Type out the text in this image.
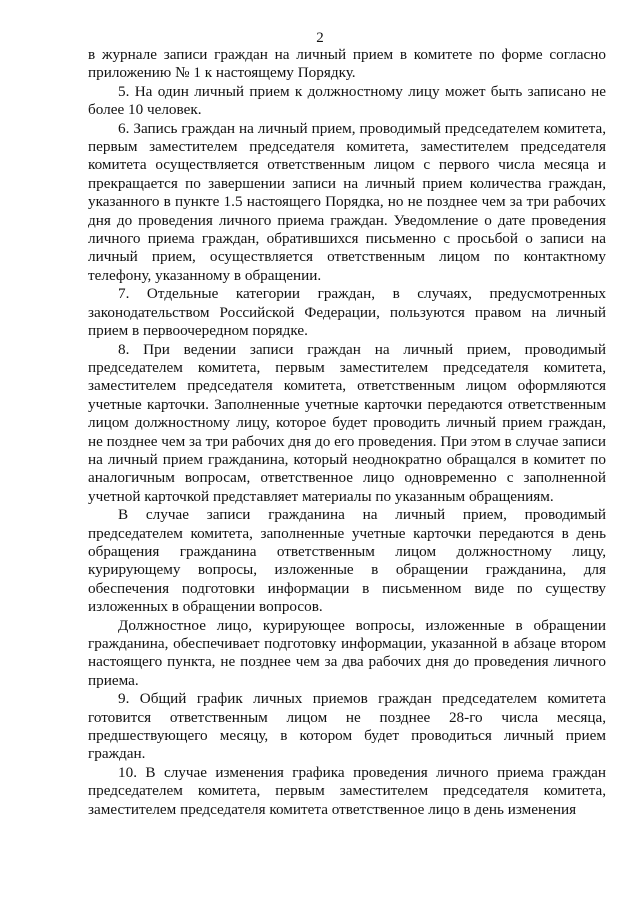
2

в журнале записи граждан на личный прием в комитете по форме согласно приложению № 1 к настоящему Порядку.

5. На один личный прием к должностному лицу может быть записано не более 10 человек.

6. Запись граждан на личный прием, проводимый председателем комитета, первым заместителем председателя комитета, заместителем председателя комитета осуществляется ответственным лицом с первого числа месяца и прекращается по завершении записи на личный прием количества граждан, указанного в пункте 1.5 настоящего Порядка, но не позднее чем за три рабочих дня до проведения личного приема граждан. Уведомление о дате проведения личного приема граждан, обратившихся письменно с просьбой о записи на личный прием, осуществляется ответственным лицом по контактному телефону, указанному в обращении.

7. Отдельные категории граждан, в случаях, предусмотренных законодательством Российской Федерации, пользуются правом на личный прием в первоочередном порядке.

8. При ведении записи граждан на личный прием, проводимый председателем комитета, первым заместителем председателя комитета, заместителем председателя комитета, ответственным лицом оформляются учетные карточки. Заполненные учетные карточки передаются ответственным лицом должностному лицу, которое будет проводить личный прием граждан, не позднее чем за три рабочих дня до его проведения. При этом в случае записи на личный прием гражданина, который неоднократно обращался в комитет по аналогичным вопросам, ответственное лицо одновременно с заполненной учетной карточкой представляет материалы по указанным обращениям.

В случае записи гражданина на личный прием, проводимый председателем комитета, заполненные учетные карточки передаются в день обращения гражданина ответственным лицом должностному лицу, курирующему вопросы, изложенные в обращении гражданина, для обеспечения подготовки информации в письменном виде по существу изложенных в обращении вопросов.

Должностное лицо, курирующее вопросы, изложенные в обращении гражданина, обеспечивает подготовку информации, указанной в абзаце втором настоящего пункта, не позднее чем за два рабочих дня до проведения личного приема.

9. Общий график личных приемов граждан председателем комитета готовится ответственным лицом не позднее 28-го числа месяца, предшествующего месяцу, в котором будет проводиться личный прием граждан.

10. В случае изменения графика проведения личного приема граждан председателем комитета, первым заместителем председателя комитета, заместителем председателя комитета ответственное лицо в день изменения
